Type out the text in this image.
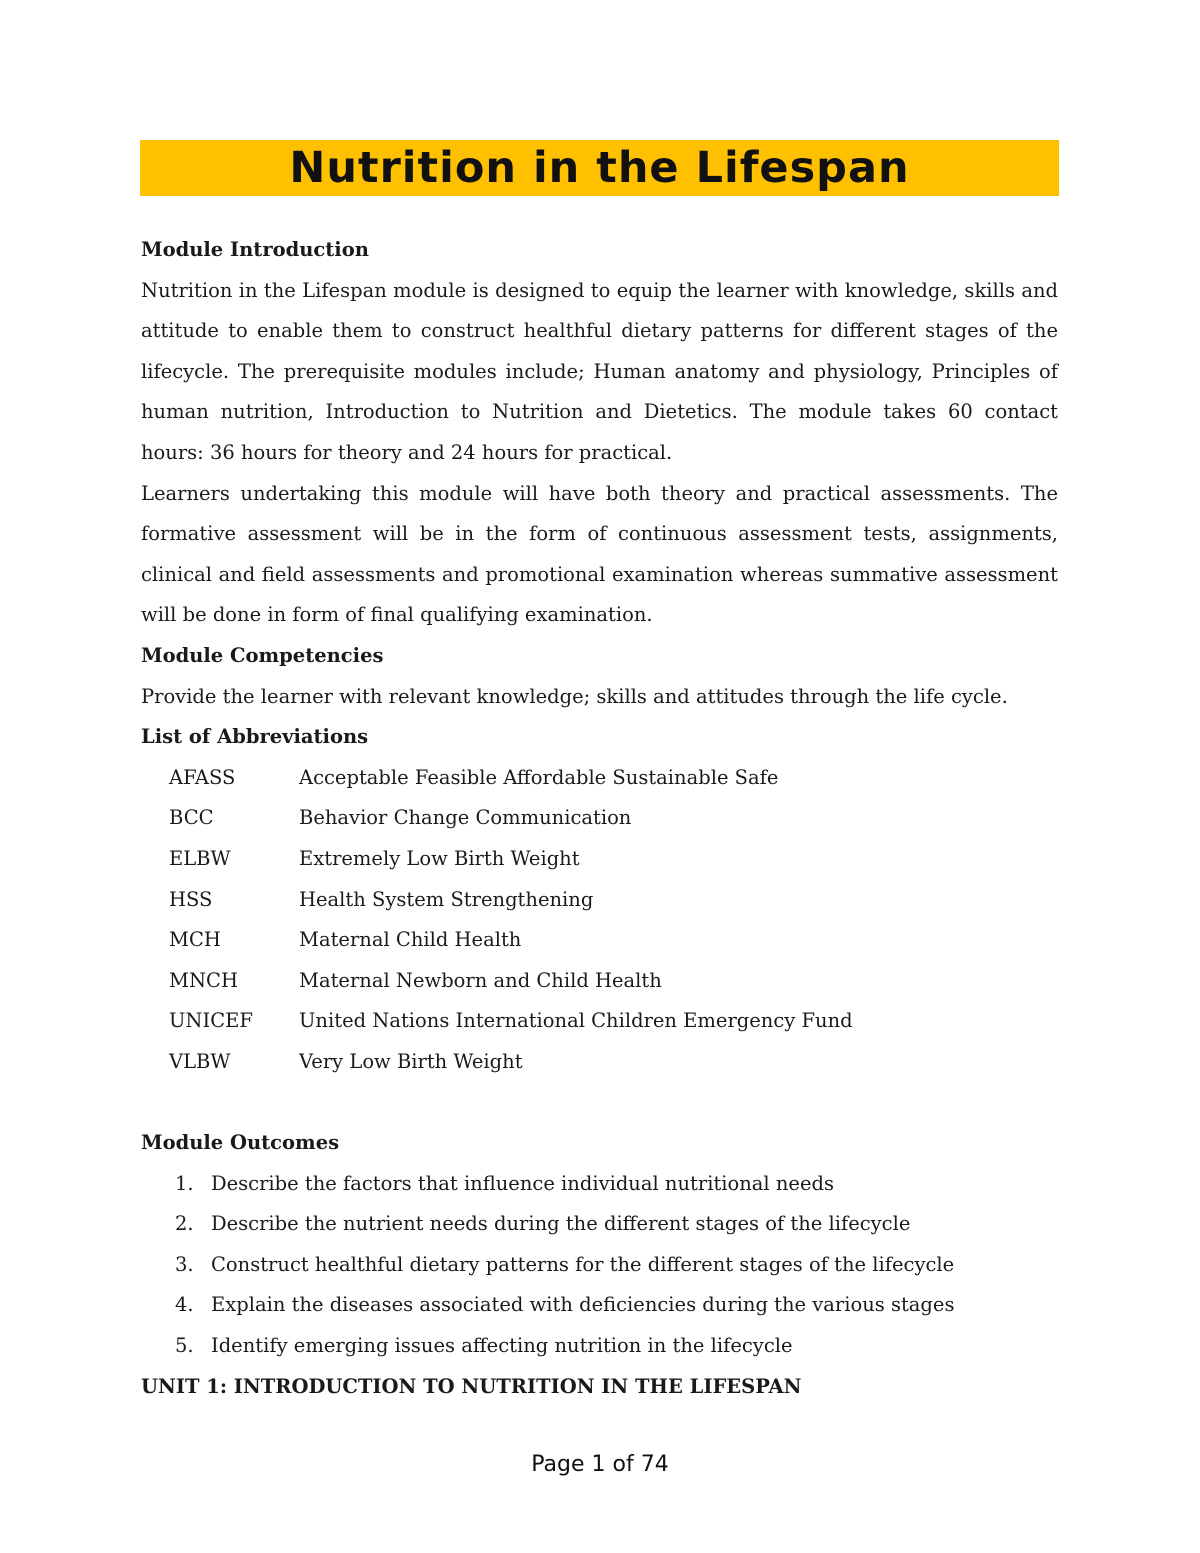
Nutrition in the Lifespan

Module Introduction

Nutrition in the Lifespan module is designed to equip the learner with knowledge, skills and attitude to enable them to construct healthful dietary patterns for different stages of the lifecycle. The prerequisite modules include; Human anatomy and physiology, Principles of human nutrition, Introduction to Nutrition and Dietetics. The module takes 60 contact hours: 36 hours for theory and 24 hours for practical.

Learners undertaking this module will have both theory and practical assessments. The formative assessment will be in the form of continuous assessment tests, assignments, clinical and field assessments and promotional examination whereas summative assessment will be done in form of final qualifying examination.

Module Competencies

Provide the learner with relevant knowledge; skills and attitudes through the life cycle.

List of Abbreviations

AFASS	Acceptable Feasible Affordable Sustainable Safe
BCC	Behavior Change Communication
ELBW	Extremely Low Birth Weight
HSS	Health System Strengthening
MCH	Maternal Child Health
MNCH	Maternal Newborn and Child Health
UNICEF	United Nations International Children Emergency Fund
VLBW	Very Low Birth Weight

Module Outcomes

1. Describe the factors that influence individual nutritional needs
2. Describe the nutrient needs during the different stages of the lifecycle
3. Construct healthful dietary patterns for the different stages of the lifecycle
4. Explain the diseases associated with deficiencies during the various stages
5. Identify emerging issues affecting nutrition in the lifecycle

UNIT 1: INTRODUCTION TO NUTRITION IN THE LIFESPAN

Page 1 of 74
